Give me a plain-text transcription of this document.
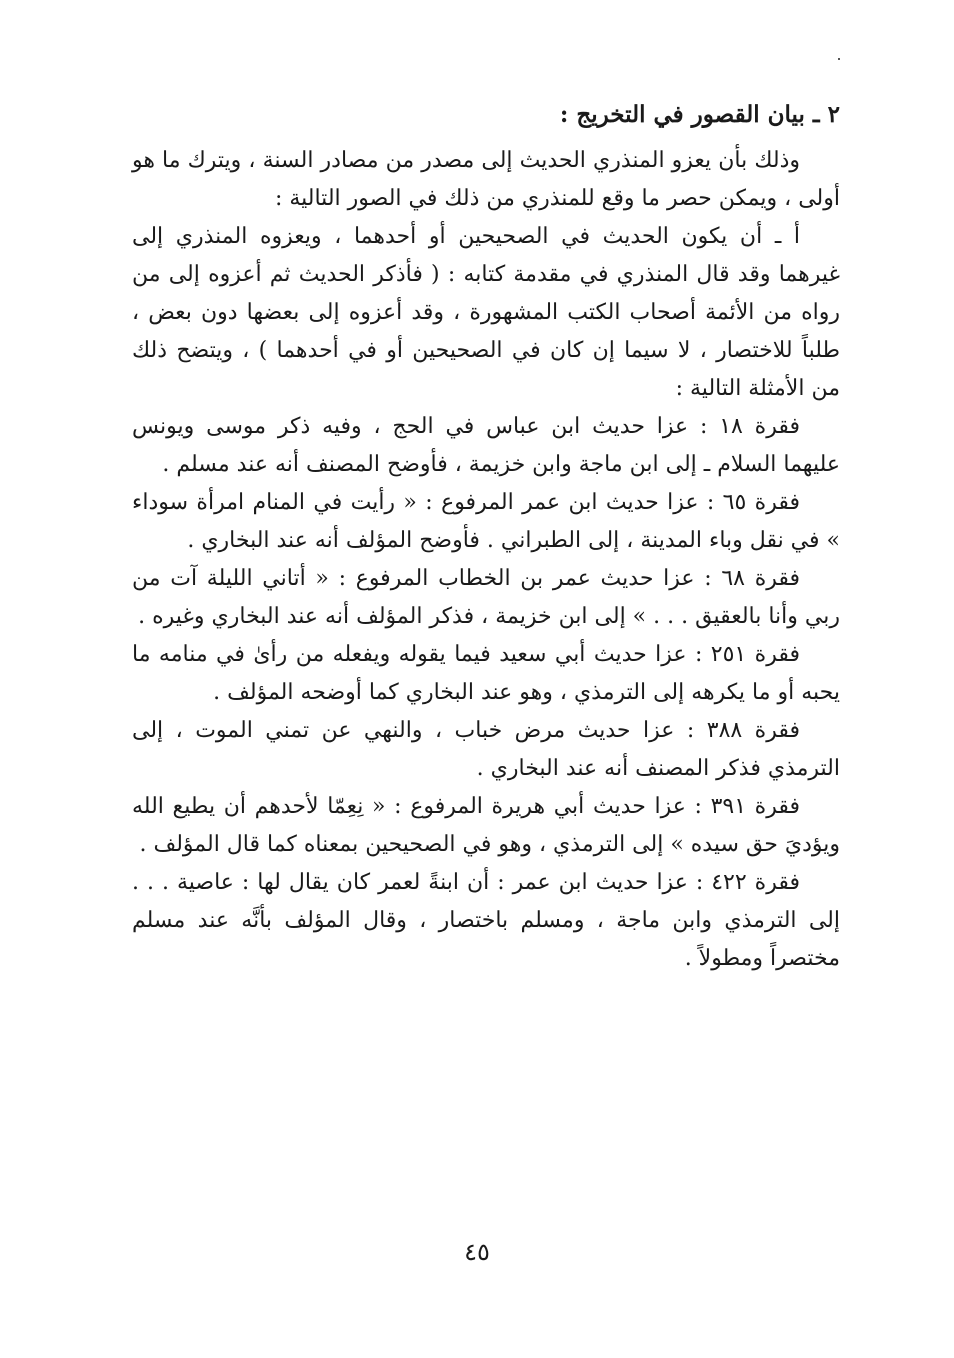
٢ ـ بيان القصور في التخريج :

وذلك بأن يعزو المنذري الحديث إلى مصدر من مصادر السنة ، ويترك ما هو أولى ، ويمكن حصر ما وقع للمنذري من ذلك في الصور التالية :

أ ـ أن يكون الحديث في الصحيحين أو أحدهما ، ويعزوه المنذري إلى غيرهما وقد قال المنذري في مقدمة كتابه : ( فأذكر الحديث ثم أعزوه إلى من رواه من الأئمة أصحاب الكتب المشهورة ، وقد أعزوه إلى بعضها دون بعض ، طلباً للاختصار ، لا سيما إن كان في الصحيحين أو في أحدهما ) ، ويتضح ذلك من الأمثلة التالية :

فقرة ١٨ : عزا حديث ابن عباس في الحج ، وفيه ذكر موسى ويونس عليهما السلام ـ إلى ابن ماجة وابن خزيمة ، فأوضح المصنف أنه عند مسلم .

فقرة ٦٥ : عزا حديث ابن عمر المرفوع : « رأيت في المنام امرأة سوداء » في نقل وباء المدينة ، إلى الطبراني . فأوضح المؤلف أنه عند البخاري .

فقرة ٦٨ : عزا حديث عمر بن الخطاب المرفوع : « أتاني الليلة آت من ربي وأنا بالعقيق . . . » إلى ابن خزيمة ، فذكر المؤلف أنه عند البخاري وغيره .

فقرة ٢٥١ : عزا حديث أبي سعيد فيما يقوله ويفعله من رأىٰ في منامه ما يحبه أو ما يكرهه إلى الترمذي ، وهو عند البخاري كما أوضحه المؤلف .

فقرة ٣٨٨ : عزا حديث مرض خباب ، والنهي عن تمني الموت ، إلى الترمذي فذكر المصنف أنه عند البخاري .

فقرة ٣٩١ : عزا حديث أبي هريرة المرفوع : « نِعِمّا لأحدهم أن يطيع الله ويؤديَ حق سيده » إلى الترمذي ، وهو في الصحيحين بمعناه كما قال المؤلف .

فقرة ٤٢٢ : عزا حديث ابن عمر : أن ابنةً لعمر كان يقال لها : عاصية . . . إلى الترمذي وابن ماجة ، ومسلم باختصار ، وقال المؤلف بأنَّه عند مسلم مختصراً ومطولاً .

٤٥
